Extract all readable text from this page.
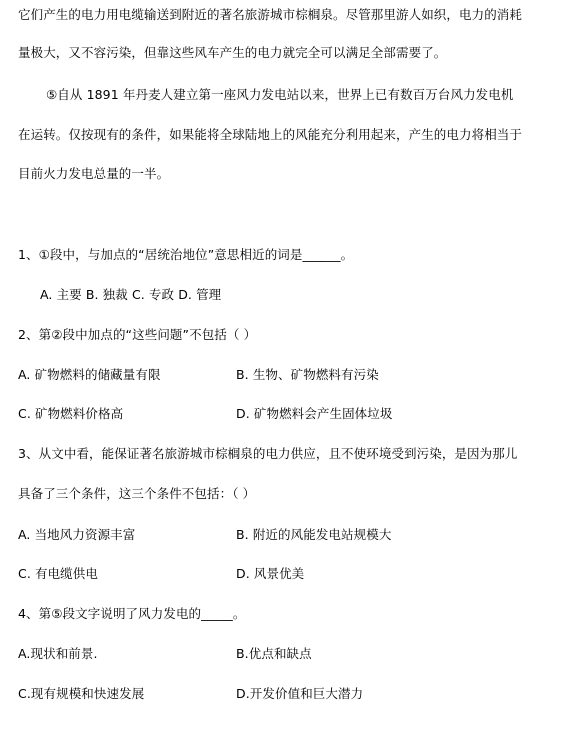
它们产生的电力用电缆输送到附近的著名旅游城市棕榈泉。尽管那里游人如织，电力的消耗
量极大，又不容污染，但靠这些风车产生的电力就完全可以满足全部需要了。
⑤自从 1891 年丹麦人建立第一座风力发电站以来，世界上已有数百万台风力发电机
在运转。仅按现有的条件，如果能将全球陆地上的风能充分利用起来，产生的电力将相当于
目前火力发电总量的一半。
1、①段中，与加点的“居统治地位”意思相近的词是______。
A. 主要 B. 独裁 C. 专政 D. 管理
2、第②段中加点的“这些问题”不包括（ ）
A. 矿物燃料的储藏量有限	B. 生物、矿物燃料有污染
C. 矿物燃料价格高	D. 矿物燃料会产生固体垃圾
3、从文中看，能保证著名旅游城市棕榈泉的电力供应，且不使环境受到污染，是因为那儿
具备了三个条件，这三个条件不包括：（ ）
A. 当地风力资源丰富	B. 附近的风能发电站规模大
C. 有电缆供电	D. 风景优美
4、第⑤段文字说明了风力发电的_____。
A.现状和前景.	B.优点和缺点
C.现有规模和快速发展	D.开发价值和巨大潜力
